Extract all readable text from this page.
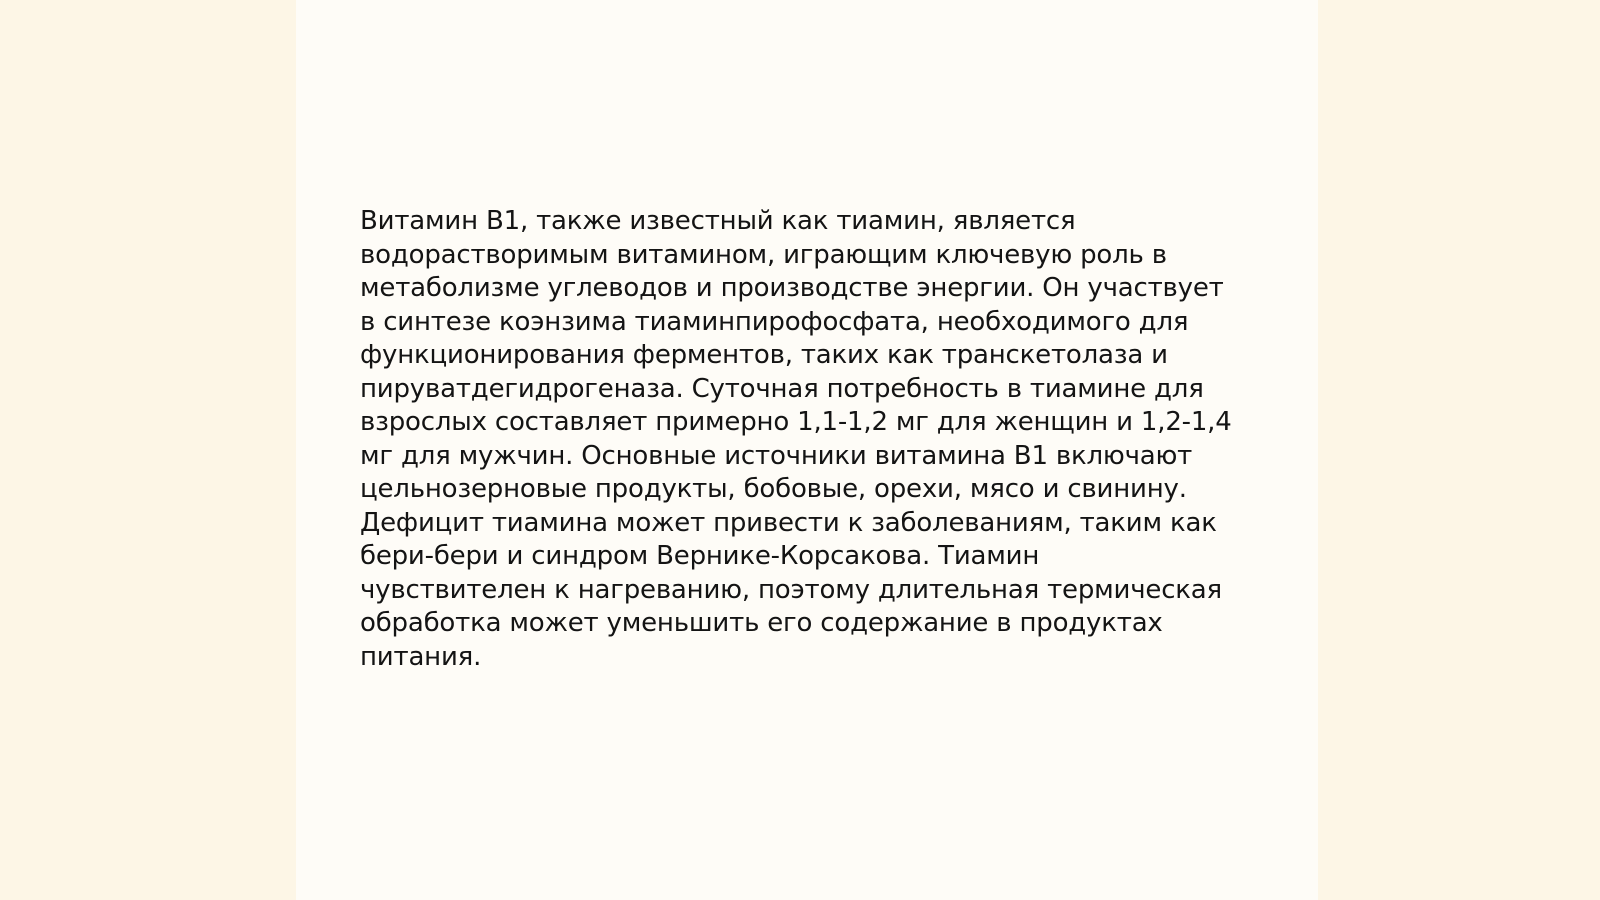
Витамин B1, также известный как тиамин, является
водорастворимым витамином, играющим ключевую роль в
метаболизме углеводов и производстве энергии. Он участвует
в синтезе коэнзима тиаминпирофосфата, необходимого для
функционирования ферментов, таких как транскетолаза и
пируватдегидрогеназа. Суточная потребность в тиамине для
взрослых составляет примерно 1,1-1,2 мг для женщин и 1,2-1,4
мг для мужчин. Основные источники витамина B1 включают
цельнозерновые продукты, бобовые, орехи, мясо и свинину.
Дефицит тиамина может привести к заболеваниям, таким как
бери-бери и синдром Вернике-Корсакова. Тиамин
чувствителен к нагреванию, поэтому длительная термическая
обработка может уменьшить его содержание в продуктах
питания.
